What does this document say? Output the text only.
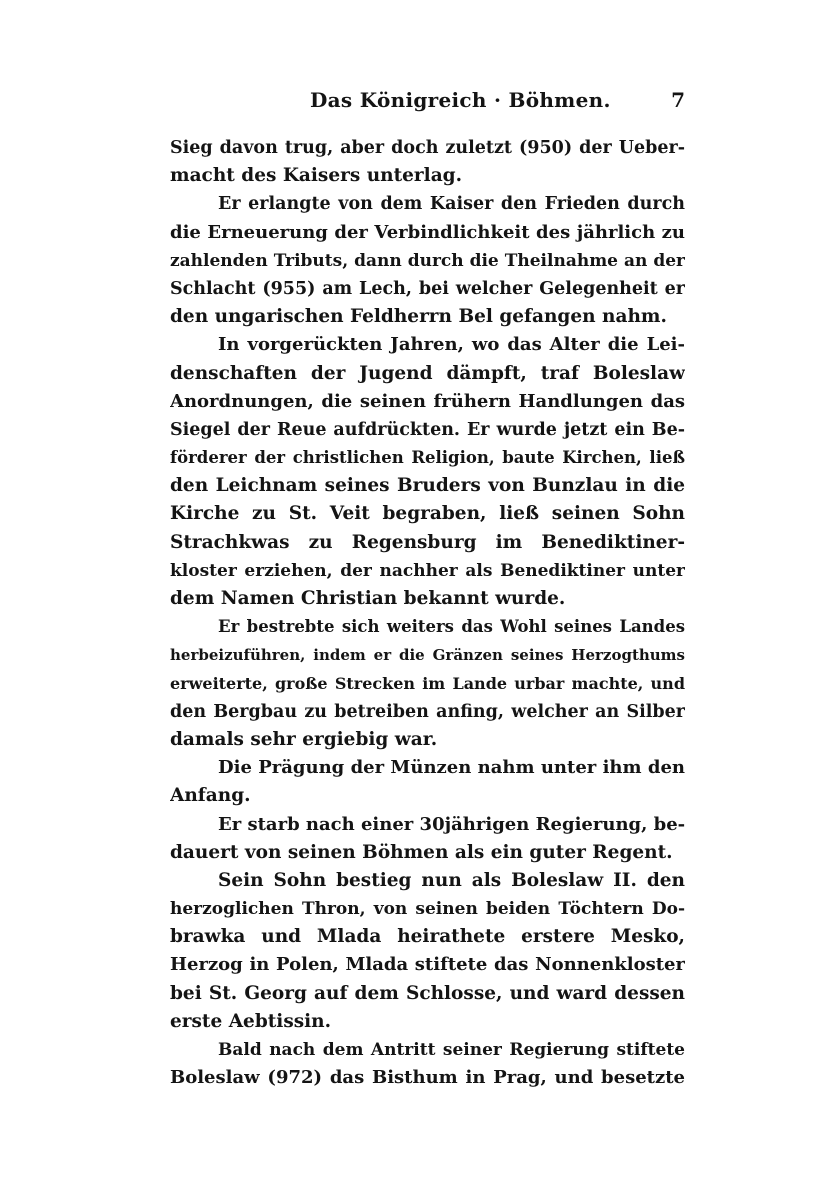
Das Königreich · Böhmen.	7
Sieg davon trug, aber doch zuletzt (950) der Ueber-
macht des Kaisers unterlag.
Er erlangte von dem Kaiser den Frieden durch
die Erneuerung der Verbindlichkeit des jährlich zu
zahlenden Tributs, dann durch die Theilnahme an der
Schlacht (955) am Lech, bei welcher Gelegenheit er
den ungarischen Feldherrn Bel gefangen nahm.
In vorgerückten Jahren, wo das Alter die Lei-
denschaften der Jugend dämpft, traf Boleslaw
Anordnungen, die seinen frühern Handlungen das
Siegel der Reue aufdrückten. Er wurde jetzt ein Be-
förderer der christlichen Religion, baute Kirchen, ließ
den Leichnam seines Bruders von Bunzlau in die
Kirche zu St. Veit begraben, ließ seinen Sohn
Strachkwas zu Regensburg im Benediktiner-
kloster erziehen, der nachher als Benediktiner unter
dem Namen Christian bekannt wurde.
Er bestrebte sich weiters das Wohl seines Landes
herbeizuführen, indem er die Gränzen seines Herzogthums
erweiterte, große Strecken im Lande urbar machte, und
den Bergbau zu betreiben anfing, welcher an Silber
damals sehr ergiebig war.
Die Prägung der Münzen nahm unter ihm den
Anfang.
Er starb nach einer 30jährigen Regierung, be-
dauert von seinen Böhmen als ein guter Regent.
Sein Sohn bestieg nun als Boleslaw II. den
herzoglichen Thron, von seinen beiden Töchtern Do-
brawka und Mlada heirathete erstere Mesko,
Herzog in Polen, Mlada stiftete das Nonnenkloster
bei St. Georg auf dem Schlosse, und ward dessen
erste Aebtissin.
Bald nach dem Antritt seiner Regierung stiftete
Boleslaw (972) das Bisthum in Prag, und besetzte
